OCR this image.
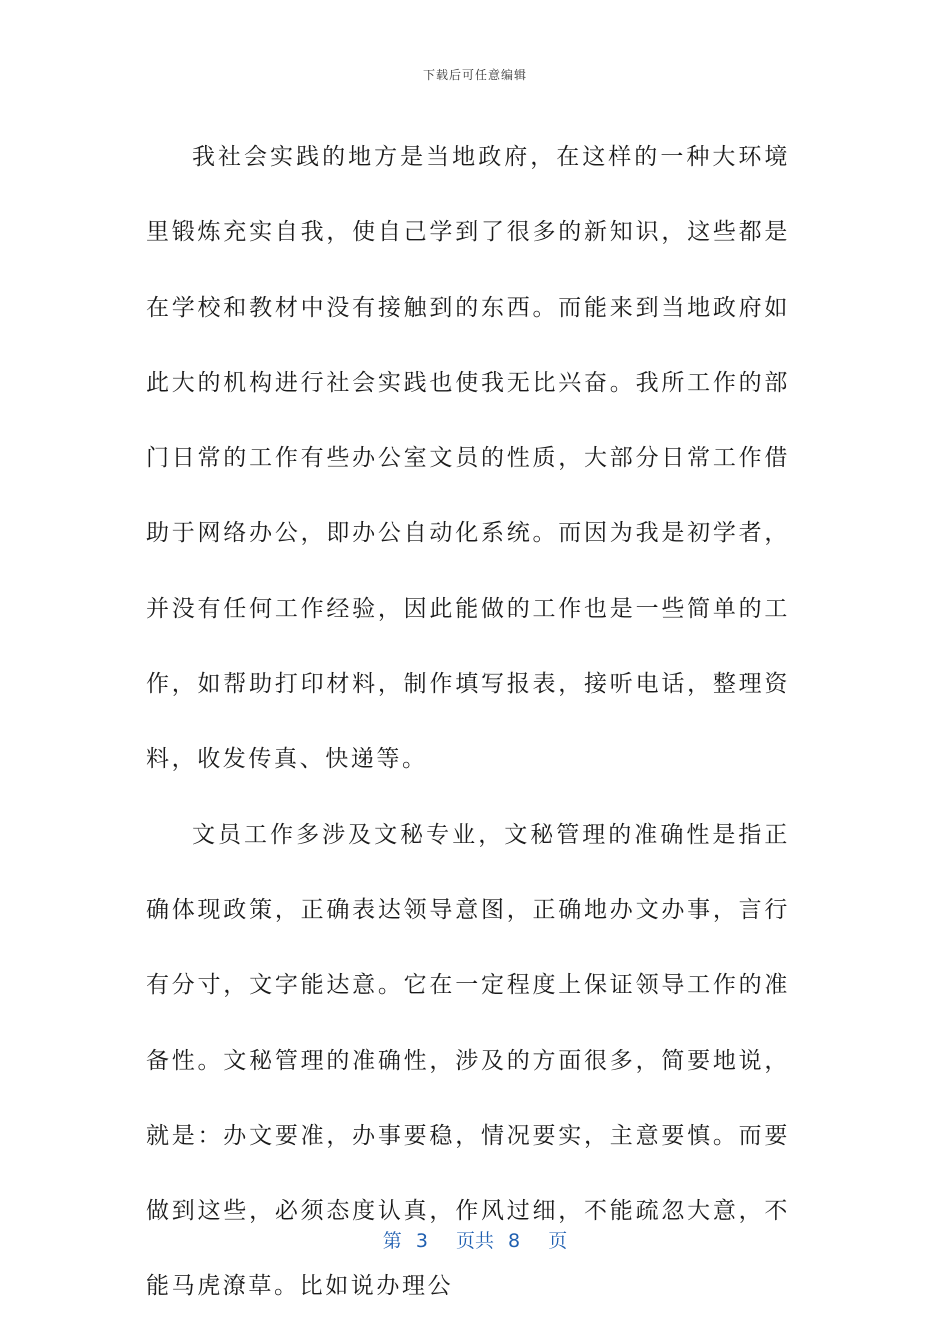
下载后可任意编辑

我社会实践的地方是当地政府，在这样的一种大环境里锻炼充实自我，使自己学到了很多的新知识，这些都是在学校和教材中没有接触到的东西。而能来到当地政府如此大的机构进行社会实践也使我无比兴奋。我所工作的部门日常的工作有些办公室文员的性质，大部分日常工作借助于网络办公，即办公自动化系统。而因为我是初学者，并没有任何工作经验，因此能做的工作也是一些简单的工作，如帮助打印材料，制作填写报表，接听电话，整理资料，收发传真、快递等。

文员工作多涉及文秘专业，文秘管理的准确性是指正确体现政策，正确表达领导意图，正确地办文办事，言行有分寸，文字能达意。它在一定程度上保证领导工作的准备性。文秘管理的准确性，涉及的方面很多，简要地说，就是：办文要准，办事要稳，情况要实，主意要慎。而要做到这些，必须态度认真，作风过细，不能疏忽大意，不能马虎潦草。比如说办理公

第 3  页共 8  页
